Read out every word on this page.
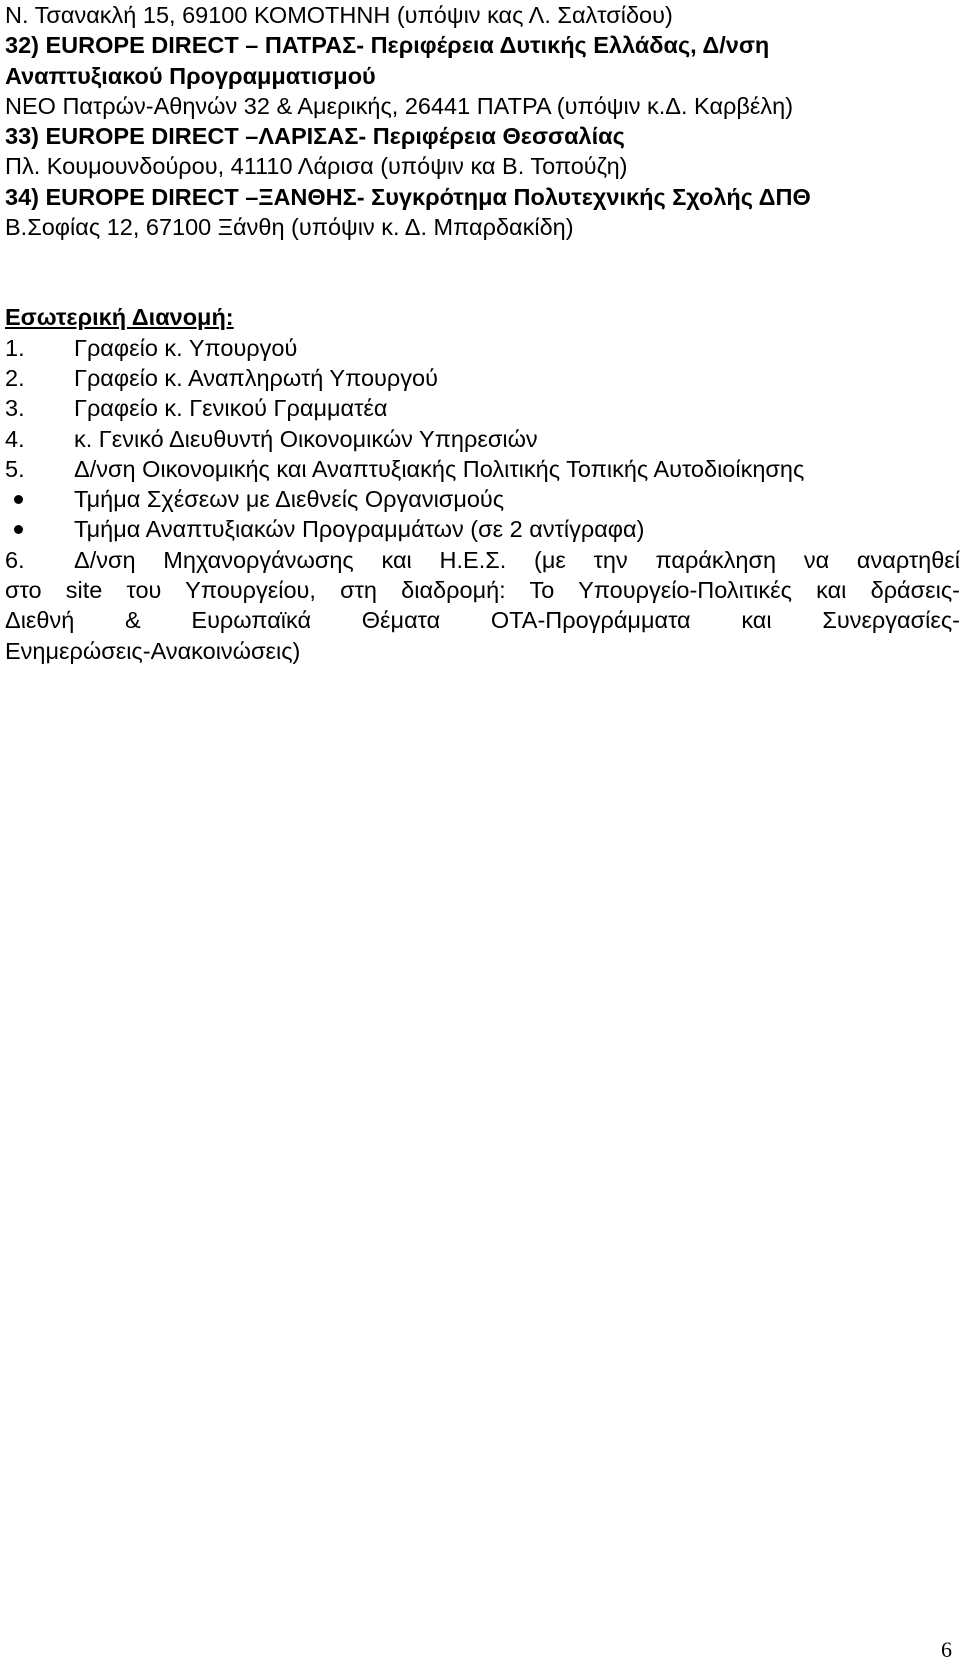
Ν. Τσανακλή 15, 69100 ΚΟΜΟΤΗΝΗ (υπόψιν κας Λ. Σαλτσίδου)
32) EUROPE DIRECT – ΠΑΤΡΑΣ- Περιφέρεια Δυτικής Ελλάδας, Δ/νση
Αναπτυξιακού Προγραμματισμού
ΝΕΟ Πατρών-Αθηνών 32 & Αμερικής, 26441 ΠΑΤΡΑ (υπόψιν κ.Δ. Καρβέλη)
33) EUROPE DIRECT –ΛΑΡΙΣΑΣ- Περιφέρεια Θεσσαλίας
Πλ. Κουμουνδούρου, 41110 Λάρισα (υπόψιν κα Β. Τοπούζη)
34) EUROPE DIRECT –ΞΑΝΘΗΣ- Συγκρότημα Πολυτεχνικής Σχολής ΔΠΘ
Β.Σοφίας 12, 67100 Ξάνθη (υπόψιν κ. Δ. Μπαρδακίδη)
Εσωτερική Διανομή:
1. Γραφείο κ. Υπουργού
2. Γραφείο κ. Αναπληρωτή Υπουργού
3. Γραφείο κ. Γενικού Γραμματέα
4. κ. Γενικό Διευθυντή Οικονομικών Υπηρεσιών
5. Δ/νση Οικονομικής και Αναπτυξιακής Πολιτικής Τοπικής Αυτοδιοίκησης
Τμήμα Σχέσεων με Διεθνείς Οργανισμούς
Τμήμα Αναπτυξιακών Προγραμμάτων (σε 2 αντίγραφα)
6. Δ/νση Μηχανοργάνωσης και Η.Ε.Σ. (με την παράκληση να αναρτηθεί
στο site του Υπουργείου, στη διαδρομή: Το Υπουργείο-Πολιτικές και δράσεις-
Διεθνή & Ευρωπαϊκά Θέματα ΟΤΑ-Προγράμματα και Συνεργασίες-
Ενημερώσεις-Ανακοινώσεις)
6
